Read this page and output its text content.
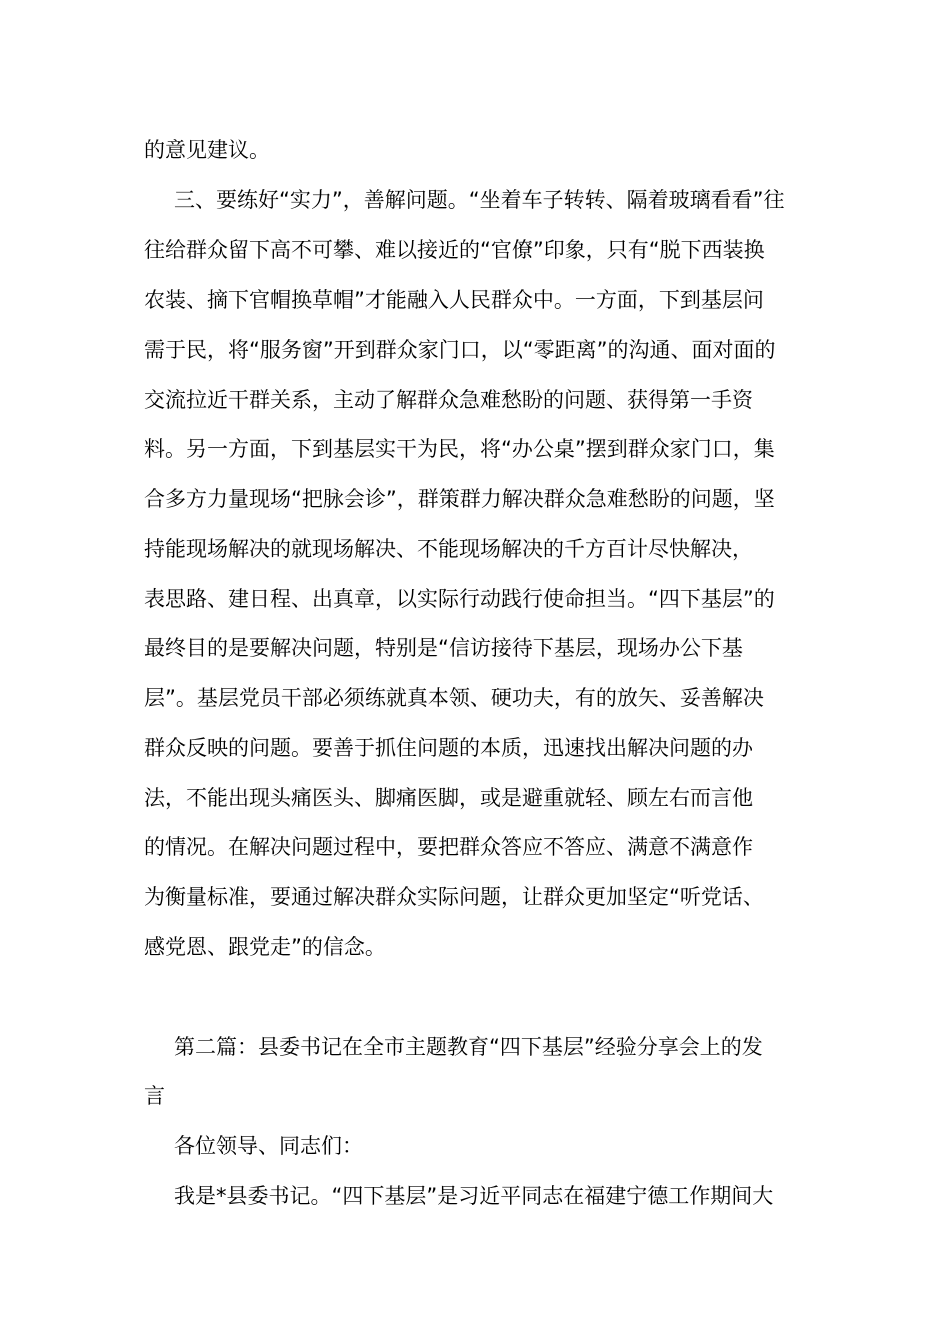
的意见建议。
三、要练好“实力”，善解问题。“坐着车子转转、隔着玻璃看看”往
往给群众留下高不可攀、难以接近的“官僚”印象，只有“脱下西装换
农装、摘下官帽换草帽”才能融入人民群众中。一方面，下到基层问
需于民，将“服务窗”开到群众家门口，以“零距离”的沟通、面对面的
交流拉近干群关系，主动了解群众急难愁盼的问题、获得第一手资
料。另一方面，下到基层实干为民，将“办公桌”摆到群众家门口，集
合多方力量现场“把脉会诊”，群策群力解决群众急难愁盼的问题，坚
持能现场解决的就现场解决、不能现场解决的千方百计尽快解决，
表思路、建日程、出真章，以实际行动践行使命担当。“四下基层”的
最终目的是要解决问题，特别是“信访接待下基层，现场办公下基
层”。基层党员干部必须练就真本领、硬功夫，有的放矢、妥善解决
群众反映的问题。要善于抓住问题的本质，迅速找出解决问题的办
法，不能出现头痛医头、脚痛医脚，或是避重就轻、顾左右而言他
的情况。在解决问题过程中，要把群众答应不答应、满意不满意作
为衡量标准，要通过解决群众实际问题，让群众更加坚定“听党话、
感党恩、跟党走”的信念。
第二篇：县委书记在全市主题教育“四下基层”经验分享会上的发
言
各位领导、同志们：
我是*县委书记。“四下基层”是习近平同志在福建宁德工作期间大
